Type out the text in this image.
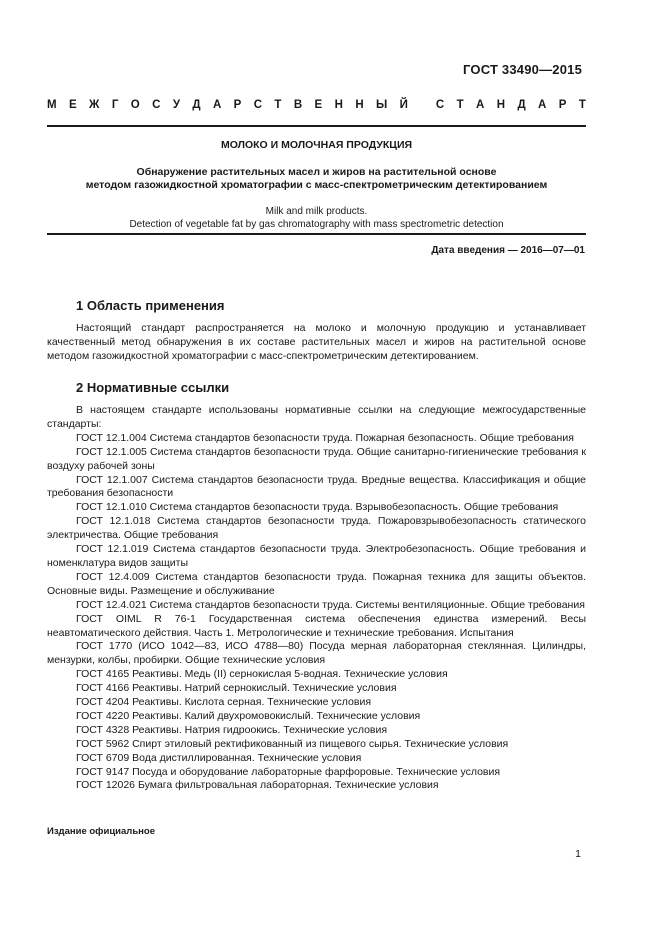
ГОСТ 33490—2015
М Е Ж Г О С У Д А Р С Т В Е Н Н Ы Й
С Т А Н Д А Р Т
МОЛОКО И МОЛОЧНАЯ ПРОДУКЦИЯ
Обнаружение растительных масел и жиров на растительной основе
методом газожидкостной хроматографии с масс-спектрометрическим детектированием
Milk and milk products.
Detection of vegetable fat by gas chromatography with mass spectrometric detection
Дата введения — 2016—07—01
1 Область применения

Настоящий стандарт распространяется на молоко и молочную продукцию и устанавливает качественный метод обнаружения в их составе растительных масел и жиров на растительной основе методом газожидкостной хроматографии с масс-спектрометрическим детектированием.

2 Нормативные ссылки

В настоящем стандарте использованы нормативные ссылки на следующие межгосударственные стандарты:

ГОСТ 12.1.004 Система стандартов безопасности труда. Пожарная безопасность. Общие требования

ГОСТ 12.1.005 Система стандартов безопасности труда. Общие санитарно-гигиенические требования к воздуху рабочей зоны

ГОСТ 12.1.007 Система стандартов безопасности труда. Вредные вещества. Классификация и общие требования безопасности

ГОСТ 12.1.010 Система стандартов безопасности труда. Взрывобезопасность. Общие требования

ГОСТ 12.1.018 Система стандартов безопасности труда. Пожаровзрывобезопасность статического электричества. Общие требования

ГОСТ 12.1.019 Система стандартов безопасности труда. Электробезопасность. Общие требования и номенклатура видов защиты

ГОСТ 12.4.009 Система стандартов безопасности труда. Пожарная техника для защиты объектов. Основные виды. Размещение и обслуживание

ГОСТ 12.4.021 Система стандартов безопасности труда. Системы вентиляционные. Общие требования

ГОСТ OIML R 76-1 Государственная система обеспечения единства измерений. Весы неавтоматического действия. Часть 1. Метрологические и технические требования. Испытания

ГОСТ 1770 (ИСО 1042—83, ИСО 4788—80) Посуда мерная лабораторная стеклянная. Цилиндры, мензурки, колбы, пробирки. Общие технические условия

ГОСТ 4165 Реактивы. Медь (II) сернокислая 5-водная. Технические условия

ГОСТ 4166 Реактивы. Натрий сернокислый. Технические условия

ГОСТ 4204 Реактивы. Кислота серная. Технические условия

ГОСТ 4220 Реактивы. Калий двухромовокислый. Технические условия

ГОСТ 4328 Реактивы. Натрия гидроокись. Технические условия

ГОСТ 5962 Спирт этиловый ректификованный из пищевого сырья. Технические условия

ГОСТ 6709 Вода дистиллированная. Технические условия

ГОСТ 9147 Посуда и оборудование лабораторные фарфоровые. Технические условия

ГОСТ 12026 Бумага фильтровальная лабораторная. Технические условия

Издание официальное
1
